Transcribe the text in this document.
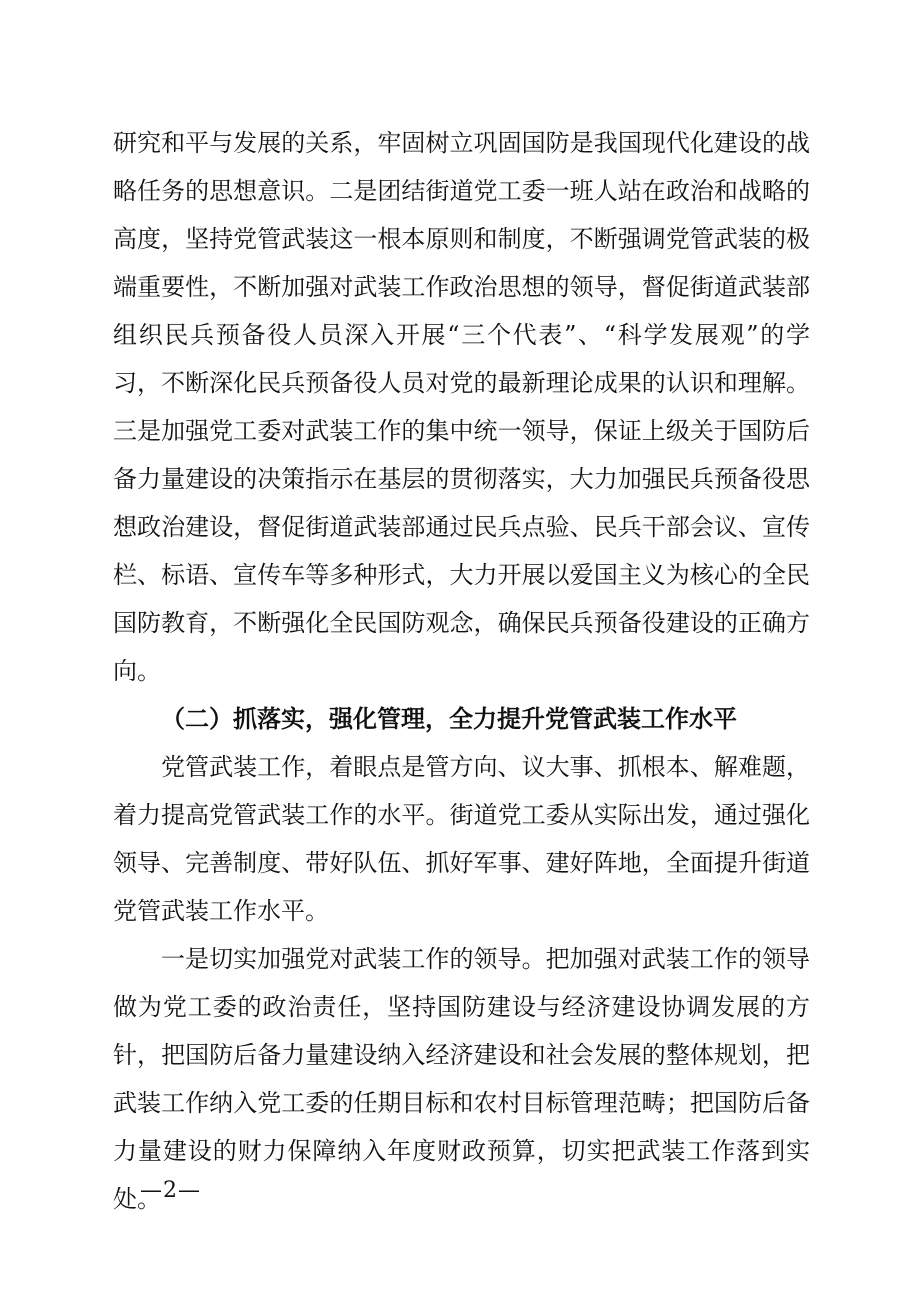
研究和平与发展的关系，牢固树立巩固国防是我国现代化建设的战略任务的思想意识。二是团结街道党工委一班人站在政治和战略的高度，坚持党管武装这一根本原则和制度，不断强调党管武装的极端重要性，不断加强对武装工作政治思想的领导，督促街道武装部组织民兵预备役人员深入开展“三个代表”、“科学发展观”的学习，不断深化民兵预备役人员对党的最新理论成果的认识和理解。三是加强党工委对武装工作的集中统一领导，保证上级关于国防后备力量建设的决策指示在基层的贯彻落实，大力加强民兵预备役思想政治建设，督促街道武装部通过民兵点验、民兵干部会议、宣传栏、标语、宣传车等多种形式，大力开展以爱国主义为核心的全民国防教育，不断强化全民国防观念，确保民兵预备役建设的正确方向。

（二）抓落实，强化管理，全力提升党管武装工作水平

党管武装工作，着眼点是管方向、议大事、抓根本、解难题，着力提高党管武装工作的水平。街道党工委从实际出发，通过强化领导、完善制度、带好队伍、抓好军事、建好阵地，全面提升街道党管武装工作水平。

一是切实加强党对武装工作的领导。把加强对武装工作的领导做为党工委的政治责任，坚持国防建设与经济建设协调发展的方针，把国防后备力量建设纳入经济建设和社会发展的整体规划，把武装工作纳入党工委的任期目标和农村目标管理范畴；把国防后备力量建设的财力保障纳入年度财政预算，切实把武装工作落到实处。

—2—
